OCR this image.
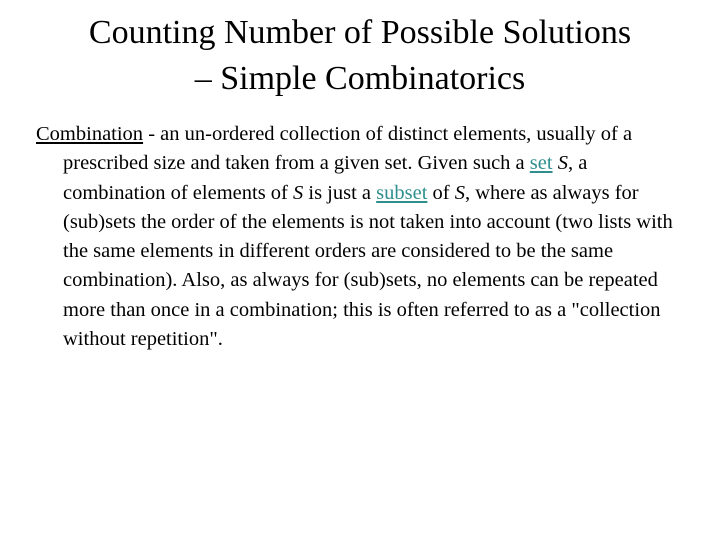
Counting Number of Possible Solutions
– Simple Combinatorics

Combination - an un-ordered collection of distinct elements, usually of a prescribed size and taken from a given set. Given such a set S, a combination of elements of S is just a subset of S, where as always for (sub)sets the order of the elements is not taken into account (two lists with the same elements in different orders are considered to be the same combination). Also, as always for (sub)sets, no elements can be repeated more than once in a combination; this is often referred to as a "collection without repetition".
